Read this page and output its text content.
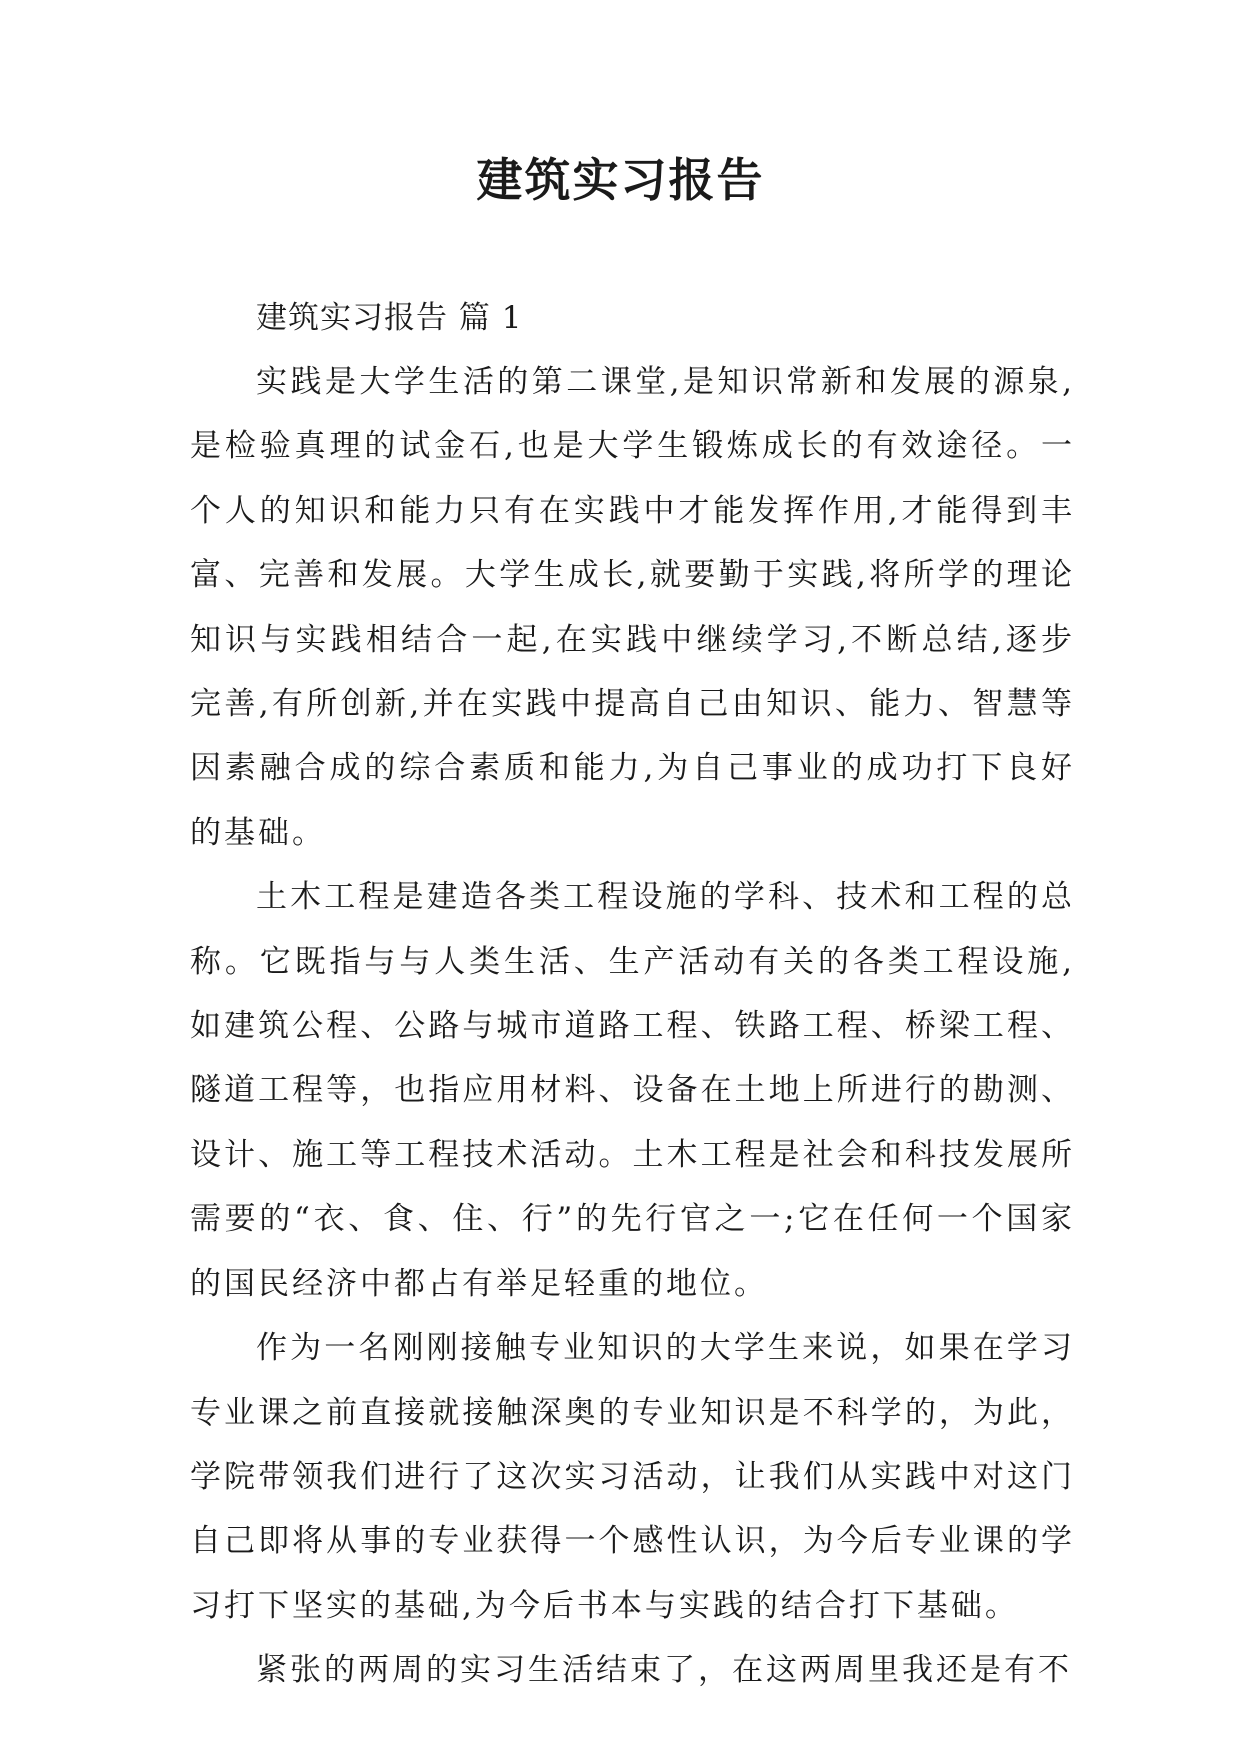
建筑实习报告

建筑实习报告 篇 1

实践是大学生活的第二课堂,是知识常新和发展的源泉,是检验真理的试金石,也是大学生锻炼成长的有效途径。一个人的知识和能力只有在实践中才能发挥作用,才能得到丰富、完善和发展。大学生成长,就要勤于实践,将所学的理论知识与实践相结合一起,在实践中继续学习,不断总结,逐步完善,有所创新,并在实践中提高自己由知识、能力、智慧等因素融合成的综合素质和能力,为自己事业的成功打下良好的基础。

土木工程是建造各类工程设施的学科、技术和工程的总称。它既指与与人类生活、生产活动有关的各类工程设施,如建筑公程、公路与城市道路工程、铁路工程、桥梁工程、隧道工程等，也指应用材料、设备在土地上所进行的勘测、设计、施工等工程技术活动。土木工程是社会和科技发展所需要的“衣、食、住、行”的先行官之一;它在任何一个国家的国民经济中都占有举足轻重的地位。

作为一名刚刚接触专业知识的大学生来说，如果在学习专业课之前直接就接触深奥的专业知识是不科学的，为此，学院带领我们进行了这次实习活动，让我们从实践中对这门自己即将从事的专业获得一个感性认识，为今后专业课的学习打下坚实的基础,为今后书本与实践的结合打下基础。

紧张的两周的实习生活结束了，在这两周里我还是有不
